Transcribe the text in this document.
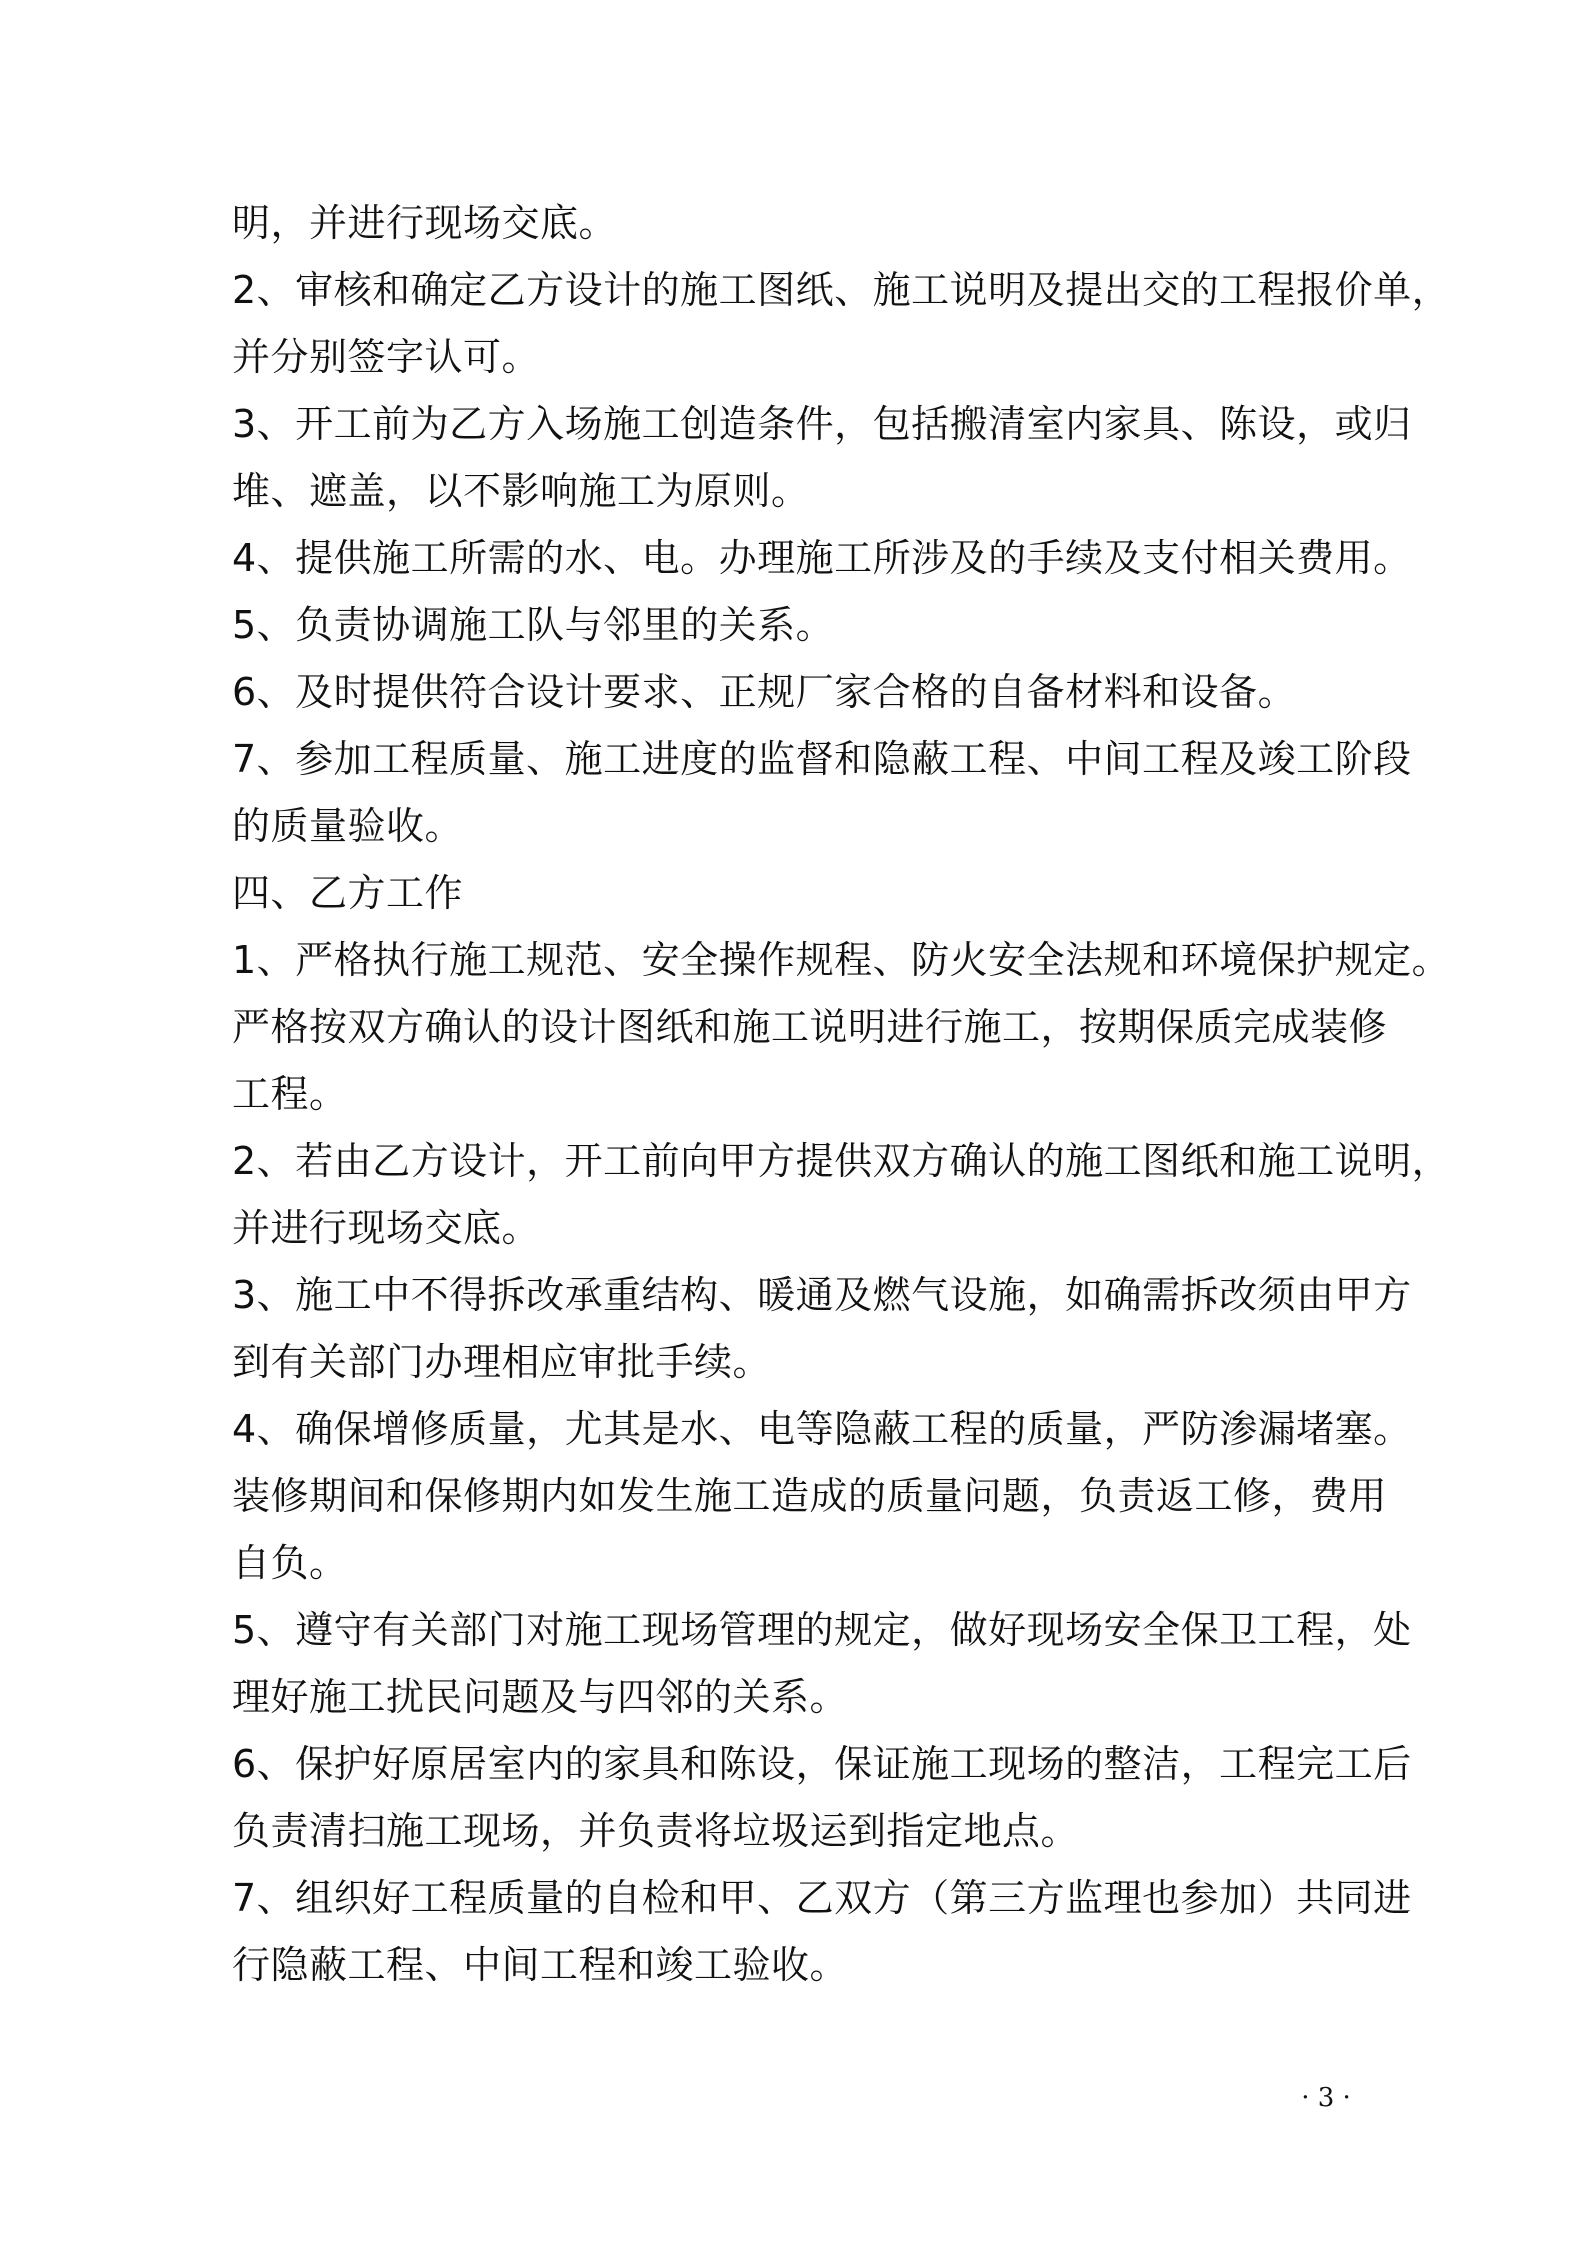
明，并进行现场交底。
2、审核和确定乙方设计的施工图纸、施工说明及提出交的工程报价单，
并分别签字认可。
3、开工前为乙方入场施工创造条件，包括搬清室内家具、陈设，或归
堆、遮盖，以不影响施工为原则。
4、提供施工所需的水、电。办理施工所涉及的手续及支付相关费用。
5、负责协调施工队与邻里的关系。
6、及时提供符合设计要求、正规厂家合格的自备材料和设备。
7、参加工程质量、施工进度的监督和隐蔽工程、中间工程及竣工阶段
的质量验收。
四、乙方工作
1、严格执行施工规范、安全操作规程、防火安全法规和环境保护规定。
严格按双方确认的设计图纸和施工说明进行施工，按期保质完成装修
工程。
2、若由乙方设计，开工前向甲方提供双方确认的施工图纸和施工说明，
并进行现场交底。
3、施工中不得拆改承重结构、暖通及燃气设施，如确需拆改须由甲方
到有关部门办理相应审批手续。
4、确保增修质量，尤其是水、电等隐蔽工程的质量，严防渗漏堵塞。
装修期间和保修期内如发生施工造成的质量问题，负责返工修，费用
自负。
5、遵守有关部门对施工现场管理的规定，做好现场安全保卫工程，处
理好施工扰民问题及与四邻的关系。
6、保护好原居室内的家具和陈设，保证施工现场的整洁，工程完工后
负责清扫施工现场，并负责将垃圾运到指定地点。
7、组织好工程质量的自检和甲、乙双方（第三方监理也参加）共同进
行隐蔽工程、中间工程和竣工验收。
· 3 ·
